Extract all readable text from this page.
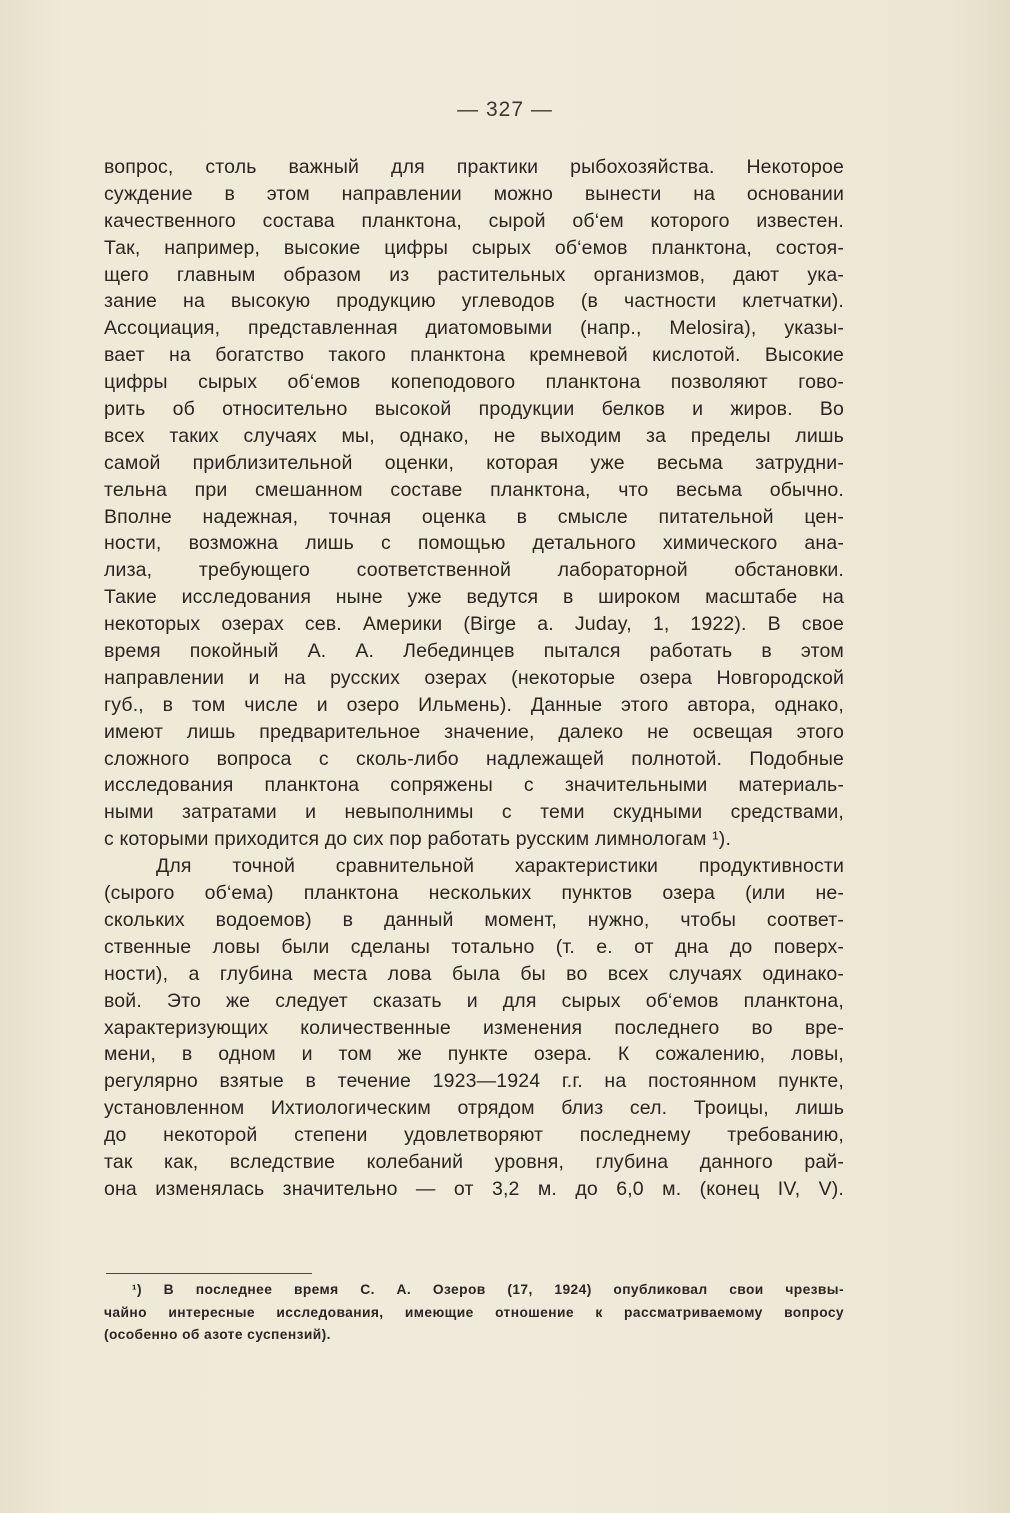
— 327 —
вопрос, столь важный для практики рыбохозяйства. Некоторое
суждение в этом направлении можно вынести на основании
качественного состава планктона, сырой об‘ем которого известен.
Так, например, высокие цифры сырых об‘емов планктона, состоя-
щего главным образом из растительных организмов, дают ука-
зание на высокую продукцию углеводов (в частности клетчатки).
Ассоциация, представленная диатомовыми (напр., Melosira), указы-
вает на богатство такого планктона кремневой кислотой. Высокие
цифры сырых об‘емов копеподового планктона позволяют гово-
рить об относительно высокой продукции белков и жиров. Во
всех таких случаях мы, однако, не выходим за пределы лишь
самой приблизительной оценки, которая уже весьма затрудни-
тельна при смешанном составе планктона, что весьма обычно.
Вполне надежная, точная оценка в смысле питательной цен-
ности, возможна лишь с помощью детального химического ана-
лиза, требующего соответственной лабораторной обстановки.
Такие исследования ныне уже ведутся в широком масштабе на
некоторых озерах сев. Америки (Birge a. Juday, 1, 1922). В свое
время покойный А. А. Лебединцев пытался работать в этом
направлении и на русских озерах (некоторые озера Новгородской
губ., в том числе и озеро Ильмень). Данные этого автора, однако,
имеют лишь предварительное значение, далеко не освещая этого
сложного вопроса с сколь-либо надлежащей полнотой. Подобные
исследования планктона сопряжены с значительными материаль-
ными затратами и невыполнимы с теми скудными средствами,
с которыми приходится до сих пор работать русским лимнологам ¹).
Для точной сравнительной характеристики продуктивности
(сырого об‘ема) планктона нескольких пунктов озера (или не-
скольких водоемов) в данный момент, нужно, чтобы соответ-
ственные ловы были сделаны тотально (т. е. от дна до поверх-
ности), а глубина места лова была бы во всех случаях одинако-
вой. Это же следует сказать и для сырых об‘емов планктона,
характеризующих количественные изменения последнего во вре-
мени, в одном и том же пункте озера. К сожалению, ловы,
регулярно взятые в течение 1923—1924 г.г. на постоянном пункте,
установленном Ихтиологическим отрядом близ сел. Троицы, лишь
до некоторой степени удовлетворяют последнему требованию,
так как, вследствие колебаний уровня, глубина данного рай-
она изменялась значительно — от 3,2 м. до 6,0 м. (конец IV, V).
¹) В последнее время С. А. Озеров (17, 1924) опубликовал свои чрезвы-
чайно интересные исследования, имеющие отношение к рассматриваемому вопросу
(особенно об азоте суспензий).
